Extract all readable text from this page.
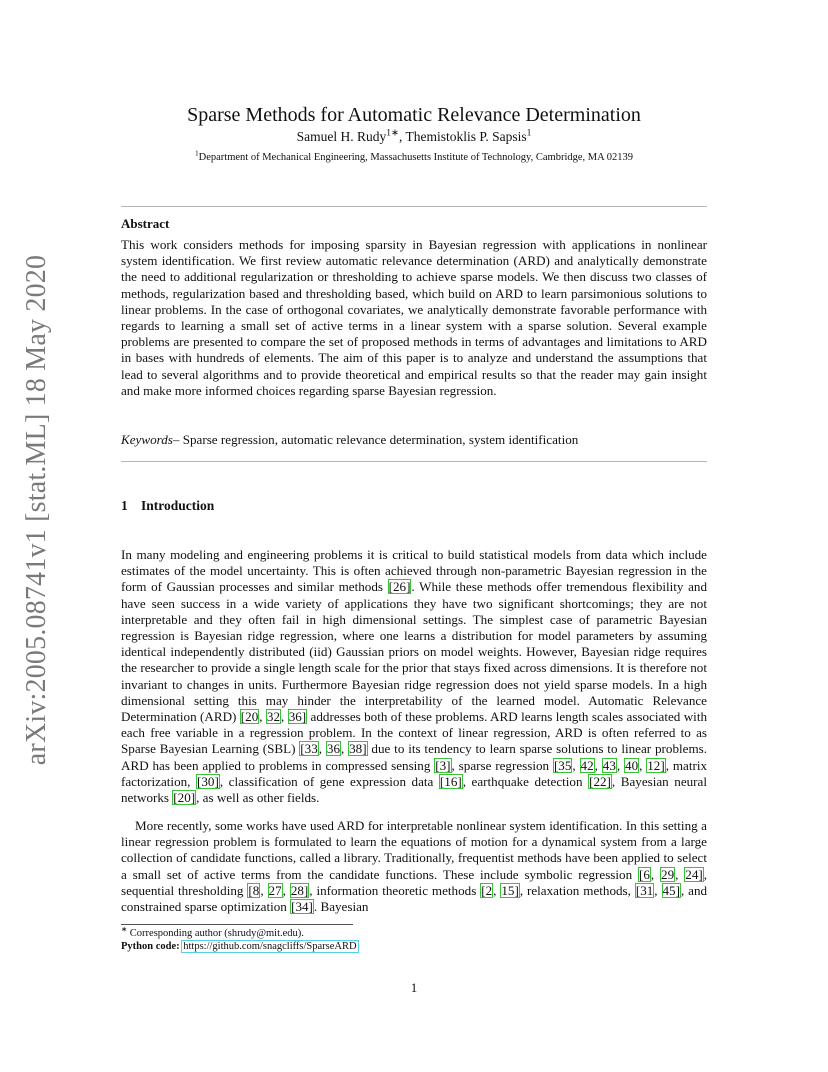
arXiv:2005.08741v1 [stat.ML] 18 May 2020
Sparse Methods for Automatic Relevance Determination
Samuel H. Rudy$^{1∗}$, Themistoklis P. Sapsis$^1$
$^1$Department of Mechanical Engineering, Massachusetts Institute of Technology, Cambridge, MA 02139
Abstract

This work considers methods for imposing sparsity in Bayesian regression with applications in nonlinear system identification. We first review automatic relevance determination (ARD) and analytically demonstrate the need to additional regularization or thresholding to achieve sparse models. We then discuss two classes of methods, regularization based and thresholding based, which build on ARD to learn parsimonious solutions to linear problems. In the case of orthogonal covariates, we analytically demonstrate favorable performance with regards to learning a small set of active terms in a linear system with a sparse solution. Several example problems are presented to compare the set of proposed methods in terms of advantages and limitations to ARD in bases with hundreds of elements. The aim of this paper is to analyze and understand the assumptions that lead to several algorithms and to provide theoretical and empirical results so that the reader may gain insight and make more informed choices regarding sparse Bayesian regression.

Keywords– Sparse regression, automatic relevance determination, system identification
1 Introduction

In many modeling and engineering problems it is critical to build statistical models from data which include estimates of the model uncertainty. This is often achieved through non-parametric Bayesian regression in the form of Gaussian processes and similar methods [26]. While these methods offer tremendous flexibility and have seen success in a wide variety of applications they have two significant shortcomings; they are not interpretable and they often fail in high dimensional settings. The simplest case of parametric Bayesian regression is Bayesian ridge regression, where one learns a distribution for model parameters by assuming identical independently distributed (iid) Gaussian priors on model weights. However, Bayesian ridge requires the researcher to provide a single length scale for the prior that stays fixed across dimensions. It is therefore not invariant to changes in units. Furthermore Bayesian ridge regression does not yield sparse models. In a high dimensional setting this may hinder the interpretability of the learned model. Automatic Relevance Determination (ARD) [20, 32, 36] addresses both of these problems. ARD learns length scales associated with each free variable in a regression problem. In the context of linear regression, ARD is often referred to as Sparse Bayesian Learning (SBL) [33, 36, 38] due to its tendency to learn sparse solutions to linear problems. ARD has been applied to problems in compressed sensing [3], sparse regression [35, 42, 43, 40, 12], matrix factorization, [30], classification of gene expression data [16], earthquake detection [22], Bayesian neural networks [20], as well as other fields.

More recently, some works have used ARD for interpretable nonlinear system identification. In this setting a linear regression problem is formulated to learn the equations of motion for a dynamical system from a large collection of candidate functions, called a library. Traditionally, frequentist methods have been applied to select a small set of active terms from the candidate functions. These include symbolic regression [6, 29, 24], sequential thresholding [8, 27, 28], information theoretic methods [2, 15], relaxation methods, [31, 45], and constrained sparse optimization [34]. Bayesian

∗ Corresponding author (shrudy@mit.edu).
Python code: https://github.com/snagcliffs/SparseARD
1
